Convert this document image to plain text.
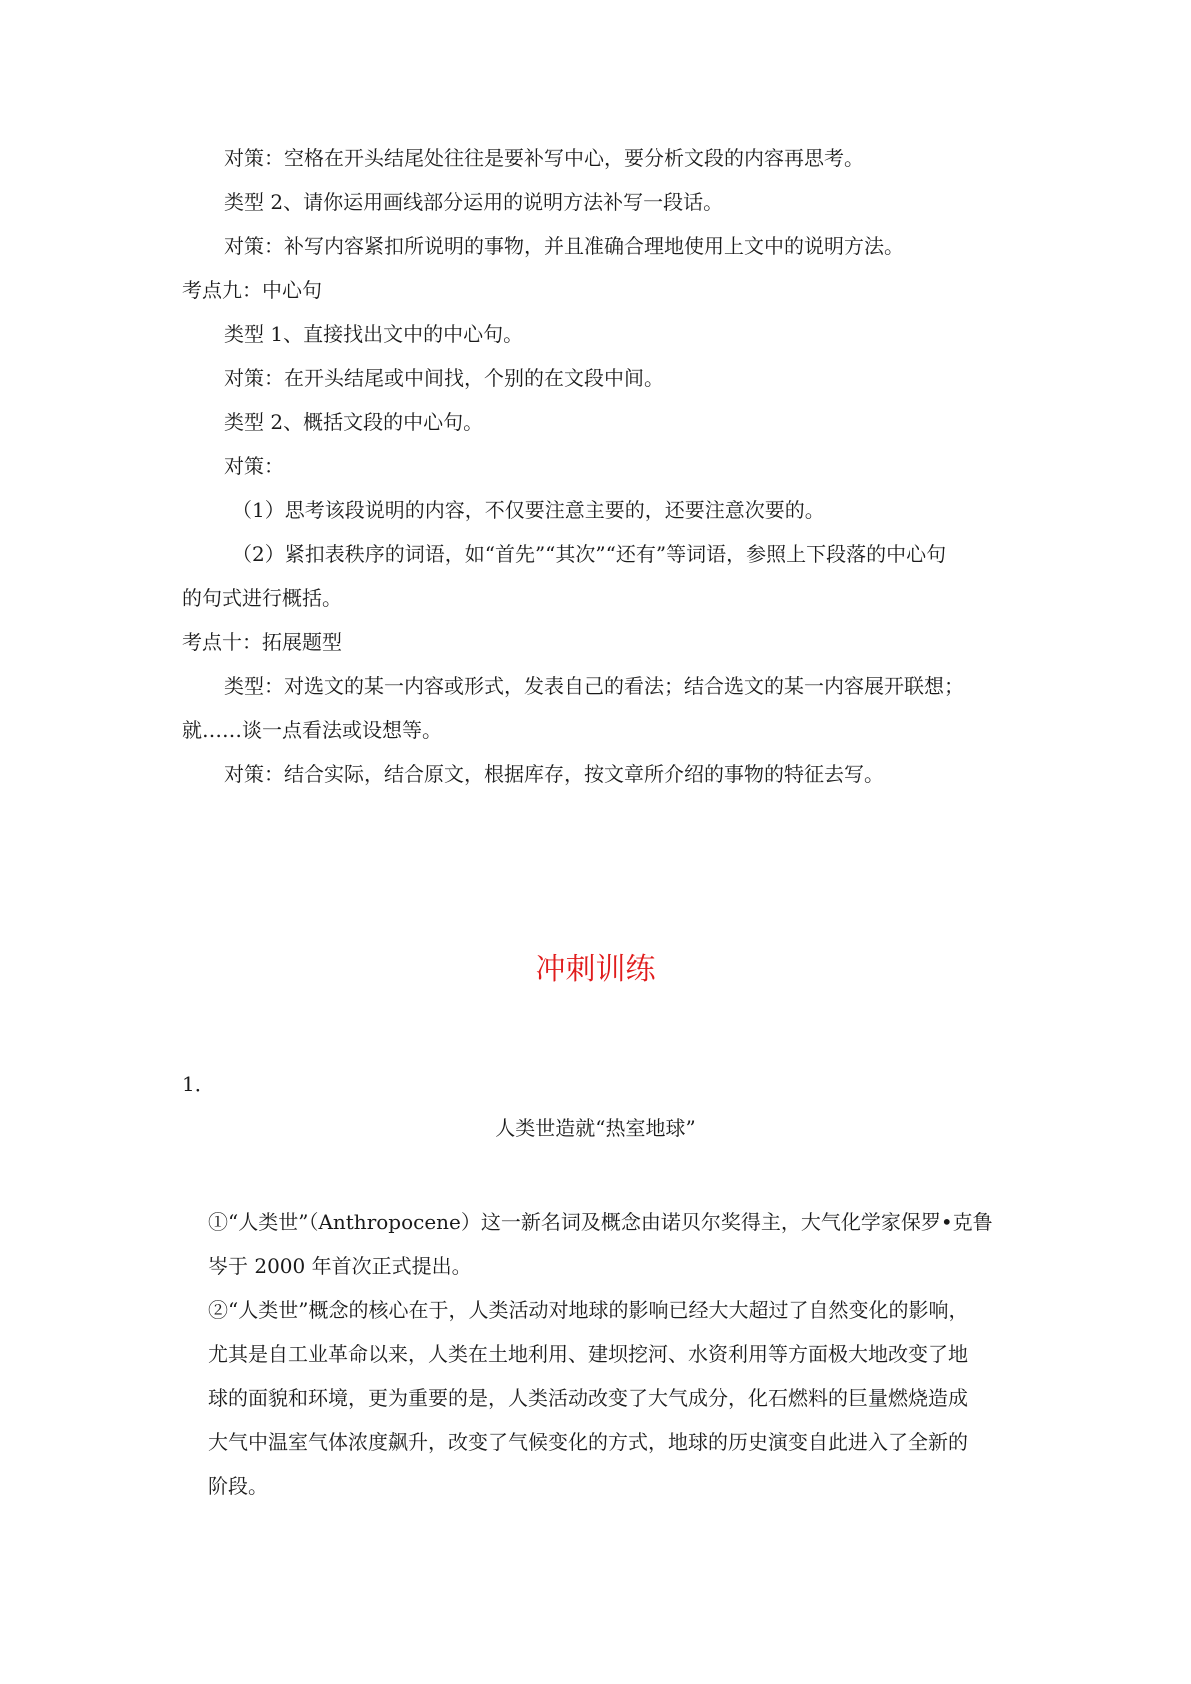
对策：空格在开头结尾处往往是要补写中心，要分析文段的内容再思考。
类型 2、请你运用画线部分运用的说明方法补写一段话。
对策：补写内容紧扣所说明的事物，并且准确合理地使用上文中的说明方法。
考点九：中心句
类型 1、直接找出文中的中心句。
对策：在开头结尾或中间找，个别的在文段中间。
类型 2、概括文段的中心句。
对策：
（1）思考该段说明的内容，不仅要注意主要的，还要注意次要的。
（2）紧扣表秩序的词语，如“首先”“其次”“还有”等词语，参照上下段落的中心句
的句式进行概括。
考点十：拓展题型
类型：对选文的某一内容或形式，发表自己的看法；结合选文的某一内容展开联想；
就……谈一点看法或设想等。
对策：结合实际，结合原文，根据库存，按文章所介绍的事物的特征去写。
冲刺训练
1．
人类世造就“热室地球”
①“人类世”（Anthropocene）这一新名词及概念由诺贝尔奖得主，大气化学家保罗•克鲁
岑于 2000 年首次正式提出。
②“人类世”概念的核心在于，人类活动对地球的影响已经大大超过了自然变化的影响，
尤其是自工业革命以来，人类在土地利用、建坝挖河、水资利用等方面极大地改变了地
球的面貌和环境，更为重要的是，人类活动改变了大气成分，化石燃料的巨量燃烧造成
大气中温室气体浓度飙升，改变了气候变化的方式，地球的历史演变自此进入了全新的
阶段。
